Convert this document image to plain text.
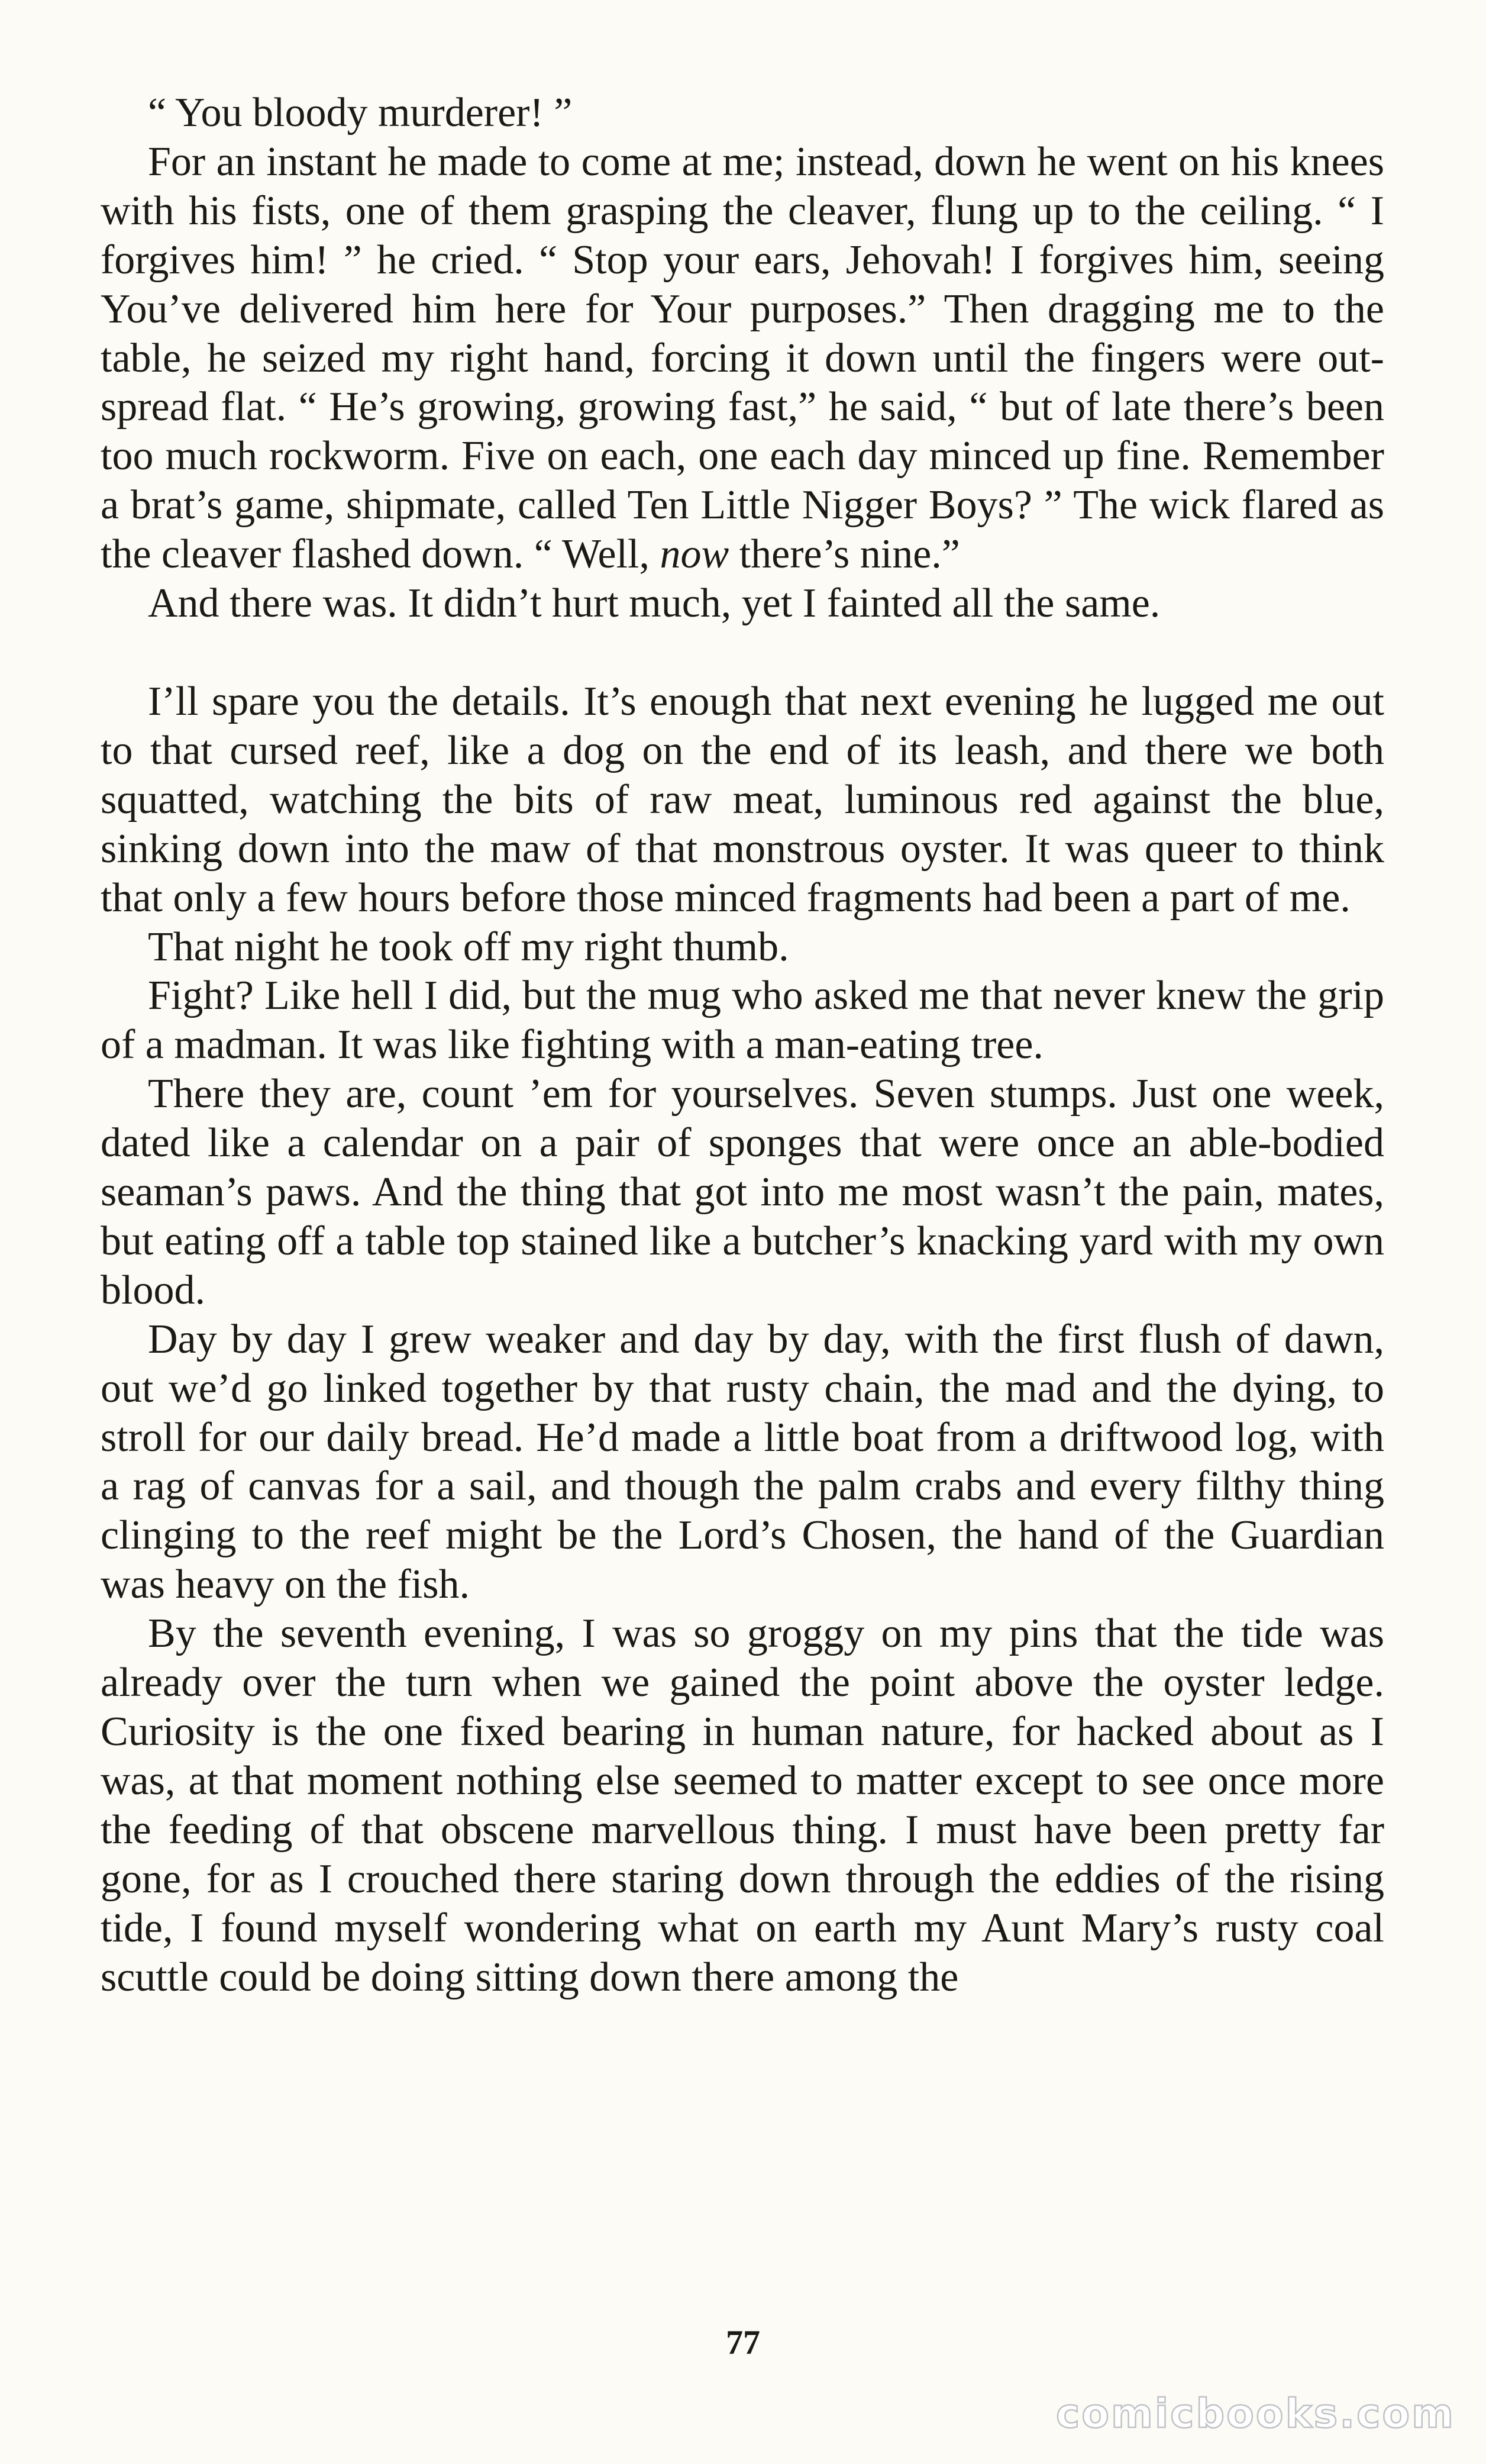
“ You bloody murderer! ”

For an instant he made to come at me; instead, down he went on his knees with his fists, one of them grasping the cleaver, flung up to the ceiling. “ I forgives him! ” he cried. “ Stop your ears, Jehovah! I forgives him, seeing You’ve delivered him here for Your purposes.” Then dragging me to the table, he seized my right hand, forcing it down until the fingers were out-spread flat. “ He’s growing, growing fast,” he said, “ but of late there’s been too much rockworm. Five on each, one each day minced up fine. Remember a brat’s game, shipmate, called Ten Little Nigger Boys? ” The wick flared as the cleaver flashed down. “ Well, now there’s nine.”

And there was. It didn’t hurt much, yet I fainted all the same.

I’ll spare you the details. It’s enough that next evening he lugged me out to that cursed reef, like a dog on the end of its leash, and there we both squatted, watching the bits of raw meat, luminous red against the blue, sinking down into the maw of that monstrous oyster. It was queer to think that only a few hours before those minced fragments had been a part of me.

That night he took off my right thumb.

Fight? Like hell I did, but the mug who asked me that never knew the grip of a madman. It was like fighting with a man-eating tree.

There they are, count ’em for yourselves. Seven stumps. Just one week, dated like a calendar on a pair of sponges that were once an able-bodied seaman’s paws. And the thing that got into me most wasn’t the pain, mates, but eating off a table top stained like a butcher’s knacking yard with my own blood.

Day by day I grew weaker and day by day, with the first flush of dawn, out we’d go linked together by that rusty chain, the mad and the dying, to stroll for our daily bread. He’d made a little boat from a driftwood log, with a rag of canvas for a sail, and though the palm crabs and every filthy thing clinging to the reef might be the Lord’s Chosen, the hand of the Guardian was heavy on the fish.

By the seventh evening, I was so groggy on my pins that the tide was already over the turn when we gained the point above the oyster ledge. Curiosity is the one fixed bearing in human nature, for hacked about as I was, at that moment nothing else seemed to matter except to see once more the feeding of that obscene marvellous thing. I must have been pretty far gone, for as I crouched there staring down through the eddies of the rising tide, I found myself wondering what on earth my Aunt Mary’s rusty coal scuttle could be doing sitting down there among the

77
comicbooks.com
